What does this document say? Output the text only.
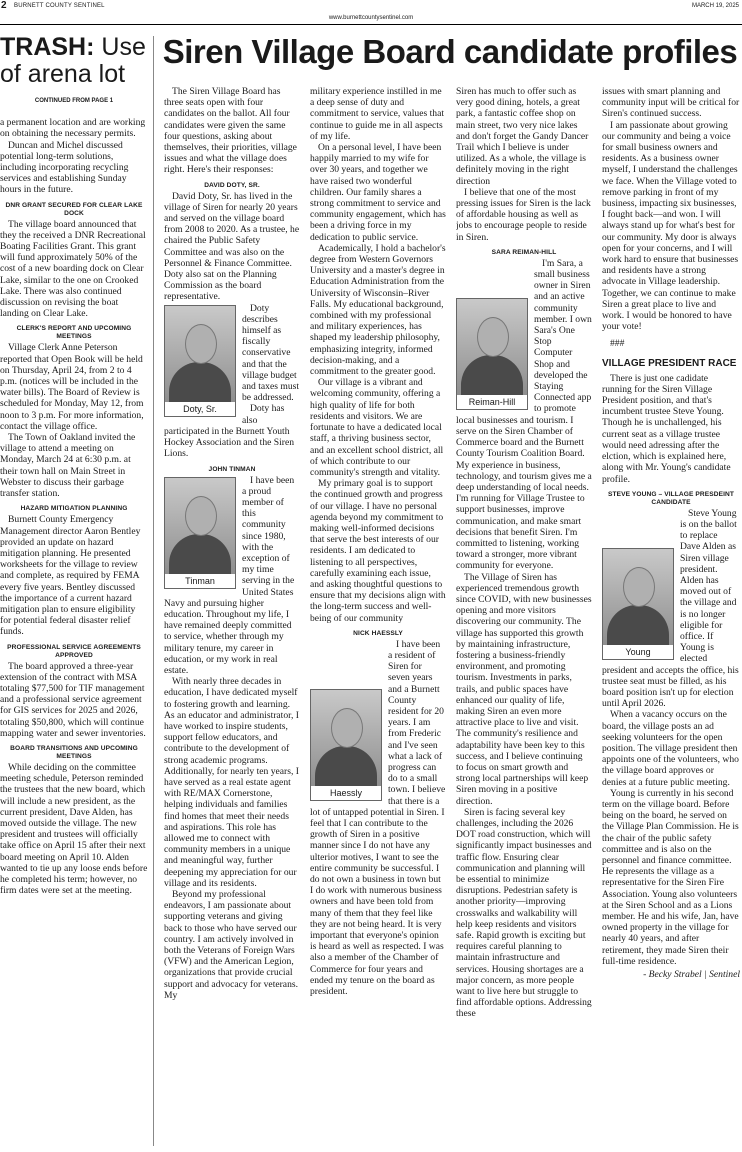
2 BURNETT COUNTY SENTINEL	MARCH 19, 2025
www.burnettcountysentinel.com
TRASH: Use of arena lot
CONTINUED FROM PAGE 1

a permanent location and are working on obtaining the necessary permits.

Duncan and Michel discussed potential long-term solutions, including incorporating recycling services and establishing Sunday hours in the future.

DNR GRANT SECURED FOR CLEAR LAKE DOCK

The village board announced that they the received a DNR Recreational Boating Facilities Grant. This grant will fund approximately 50% of the cost of a new boarding dock on Clear Lake, similar to the one on Crooked Lake. There was also continued discussion on revising the boat landing on Clear Lake.

CLERK'S REPORT AND UPCOMING MEETINGS

Village Clerk Anne Peterson reported that Open Book will be held on Thursday, April 24, from 2 to 4 p.m. (notices will be included in the water bills). The Board of Review is scheduled for Monday, May 12, from noon to 3 p.m. For more information, contact the village office.

The Town of Oakland invited the village to attend a meeting on Monday, March 24 at 6:30 p.m. at their town hall on Main Street in Webster to discuss their garbage transfer station.

HAZARD MITIGATION PLANNING

Burnett County Emergency Management director Aaron Bentley provided an update on hazard mitigation planning. He presented worksheets for the village to review and complete, as required by FEMA every five years. Bentley discussed the importance of a current hazard mitigation plan to ensure eligibility for potential federal disaster relief funds.

PROFESSIONAL SERVICE AGREEMENTS APPROVED

The board approved a three-year extension of the contract with MSA totaling $77,500 for TIF management and a professional service agreement for GIS services for 2025 and 2026, totaling $50,800, which will continue mapping water and sewer inventories.

BOARD TRANSITIONS AND UPCOMING MEETINGS

While deciding on the committee meeting schedule, Peterson reminded the trustees that the new board, which will include a new president, as the current president, Dave Alden, has moved outside the village. The new president and trustees will officially take office on April 15 after their next board meeting on April 10. Alden wanted to tie up any loose ends before he completed his term; however, no firm dates were set at the meeting.

Siren Village Board candidate profiles

The Siren Village Board has three seats open with four candidates on the ballot. All four candidates were given the same four questions, asking about themselves, their priorities, village issues and what the village does right. Here's their responses:

DAVID DOTY, SR.

David Doty, Sr. has lived in the village of Siren for nearly 20 years and served on the village board from 2008 to 2020. As a trustee, he chaired the Public Safety Committee and was also on the Personnel & Finance Committee. Doty also sat on the Planning Commission as the board representative.

Doty, Sr.

Doty describes himself as fiscally conservative and that the village budget and taxes must be addressed.

Doty has also participated in the Burnett Youth Hockey Association and the Siren Lions.

JOHN TINMAN
Tinman

I have been a proud member of this community since 1980, with the exception of my time serving in the United States Navy and pursuing higher education. Throughout my life, I have remained deeply committed to service, whether through my military tenure, my career in education, or my work in real estate.

With nearly three decades in education, I have dedicated myself to fostering growth and learning. As an educator and administrator, I have worked to inspire students, support fellow educators, and contribute to the development of strong academic programs. Additionally, for nearly ten years, I have served as a real estate agent with RE/MAX Cornerstone, helping individuals and families find homes that meet their needs and aspirations. This role has allowed me to connect with community members in a unique and meaningful way, further deepening my appreciation for our village and its residents.

Beyond my professional endeavors, I am passionate about supporting veterans and giving back to those who have served our country. I am actively involved in both the Veterans of Foreign Wars (VFW) and the American Legion, organizations that provide crucial support and advocacy for veterans. My

military experience instilled in me a deep sense of duty and commitment to service, values that continue to guide me in all aspects of my life.

On a personal level, I have been happily married to my wife for over 30 years, and together we have raised two wonderful children. Our family shares a strong commitment to service and community engagement, which has been a driving force in my dedication to public service.

Academically, I hold a bachelor's degree from Western Governors University and a master's degree in Education Administration from the University of Wisconsin–River Falls. My educational background, combined with my professional and military experiences, has shaped my leadership philosophy, emphasizing integrity, informed decision-making, and a commitment to the greater good.

Our village is a vibrant and welcoming community, offering a high quality of life for both residents and visitors. We are fortunate to have a dedicated local staff, a thriving business sector, and an excellent school district, all of which contribute to our community's strength and vitality.

My primary goal is to support the continued growth and progress of our village. I have no personal agenda beyond my commitment to making well-informed decisions that serve the best interests of our residents. I am dedicated to listening to all perspectives, carefully examining each issue, and asking thoughtful questions to ensure that my decisions align with the long-term success and well-being of our community

NICK HAESSLY
Haessly

I have been a resident of Siren for seven years and a Burnett County resident for 20 years. I am from Frederic and I've seen what a lack of progress can do to a small town. I believe that there is a lot of untapped potential in Siren. I feel that I can contribute to the growth of Siren in a positive manner since I do not have any ulterior motives, I want to see the entire community be successful. I do not own a business in town but I do work with numerous business owners and have been told from many of them that they feel like they are not being heard. It is very important that everyone's opinion is heard as well as respected. I was also a member of the Chamber of Commerce for four years and ended my tenure on the board as president.

Siren has much to offer such as very good dining, hotels, a great park, a fantastic coffee shop on main street, two very nice lakes and don't forget the Gandy Dancer Trail which I believe is under utilized. As a whole, the village is definitely moving in the right direction

I believe that one of the most pressing issues for Siren is the lack of affordable housing as well as jobs to encourage people to reside in Siren.

SARA REIMAN-HILL
Reiman-Hill

I'm Sara, a small business owner in Siren and an active community member. I own Sara's One Stop Computer Shop and developed the Staying Connected app to promote local businesses and tourism. I serve on the Siren Chamber of Commerce board and the Burnett County Tourism Coalition Board. My experience in business, technology, and tourism gives me a deep understanding of local needs. I'm running for Village Trustee to support businesses, improve communication, and make smart decisions that benefit Siren. I'm committed to listening, working toward a stronger, more vibrant community for everyone.

The Village of Siren has experienced tremendous growth since COVID, with new businesses opening and more visitors discovering our community. The village has supported this growth by maintaining infrastructure, fostering a business-friendly environment, and promoting tourism. Investments in parks, trails, and public spaces have enhanced our quality of life, making Siren an even more attractive place to live and visit. The community's resilience and adaptability have been key to this success, and I believe continuing to focus on smart growth and strong local partnerships will keep Siren moving in a positive direction.

Siren is facing several key challenges, including the 2026 DOT road construction, which will significantly impact businesses and traffic flow. Ensuring clear communication and planning will be essential to minimize disruptions. Pedestrian safety is another priority—improving crosswalks and walkability will help keep residents and visitors safe. Rapid growth is exciting but requires careful planning to maintain infrastructure and services. Housing shortages are a major concern, as more people want to live here but struggle to find affordable options. Addressing these

issues with smart planning and community input will be critical for Siren's continued success.

I am passionate about growing our community and being a voice for small business owners and residents. As a business owner myself, I understand the challenges we face. When the Village voted to remove parking in front of my business, impacting six businesses, I fought back—and won. I will always stand up for what's best for our community. My door is always open for your concerns, and I will work hard to ensure that businesses and residents have a strong advocate in Village leadership. Together, we can continue to make Siren a great place to live and work. I would be honored to have your vote!

###

VILLAGE PRESIDENT RACE

There is just one cadidate running for the Siren Village President position, and that's incumbent trustee Steve Young. Though he is unchallenged, his current seat as a village trustee would need adressing after the elction, which is explained here, along with Mr. Young's candidate profile.

STEVE YOUNG – VILLAGE PRESDEINT CANDIDATE
Young

Steve Young is on the ballot to replace Dave Alden as Siren village president. Alden has moved out of the village and is no longer eligible for office. If Young is elected president and accepts the office, his trustee seat must be filled, as his board position isn't up for election until April 2026.

When a vacancy occurs on the board, the village posts an ad seeking volunteers for the open position. The village president then appoints one of the volunteers, who the village board approves or denies at a future public meeting.

Young is currently in his second term on the village board. Before being on the board, he served on the Village Plan Commission. He is the chair of the public safety committee and is also on the personnel and finance committee. He represents the village as a representative for the Siren Fire Association. Young also volunteers at the Siren School and as a Lions member. He and his wife, Jan, have owned property in the village for nearly 40 years, and after retirement, they made Siren their full-time residence.

- Becky Strabel | Sentinel
